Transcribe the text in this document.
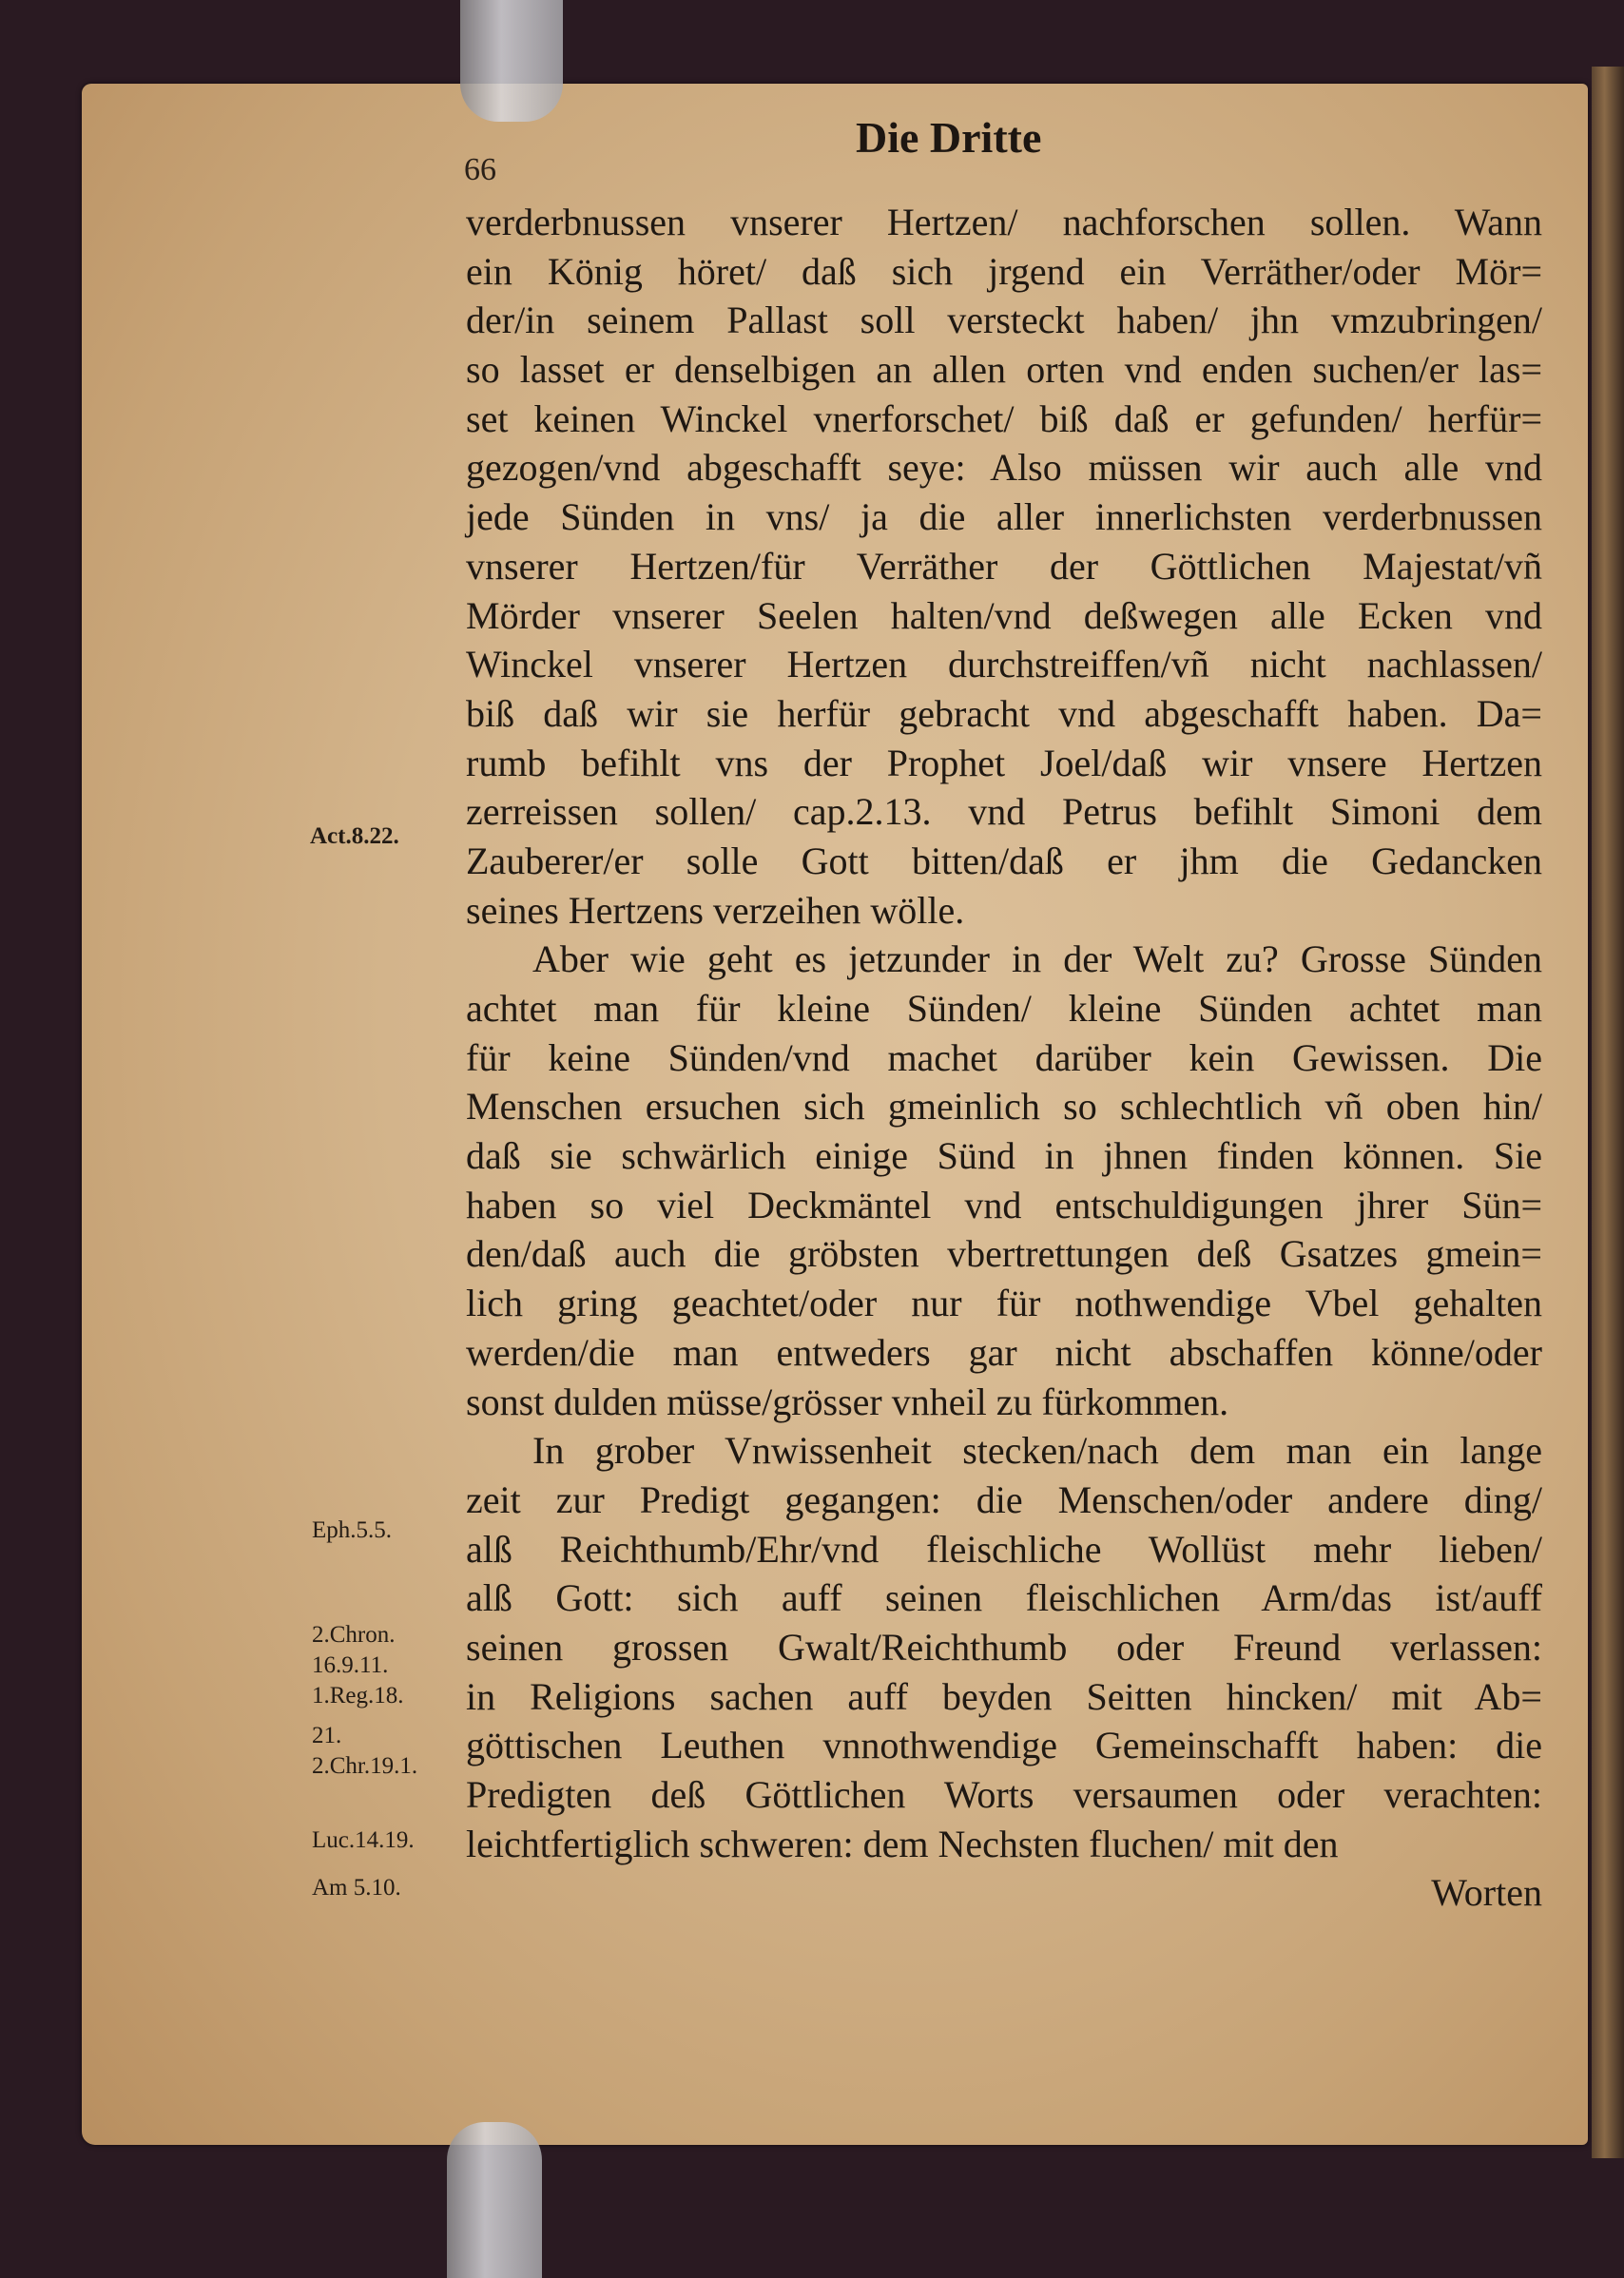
Die Dritte
66
verderbnussen vnserer Hertzen/ nachforschen sollen. Wann
ein König höret/ daß sich jrgend ein Verräther/oder Mör=
der/in seinem Pallast soll versteckt haben/ jhn vmzubringen/
so lasset er denselbigen an allen orten vnd enden suchen/er las=
set keinen Winckel vnerforschet/ biß daß er gefunden/ herfür=
gezogen/vnd abgeschafft seye: Also müssen wir auch alle vnd
jede Sünden in vns/ ja die aller innerlichsten verderbnussen
vnserer Hertzen/für Verräther der Göttlichen Majestat/vñ
Mörder vnserer Seelen halten/vnd deßwegen alle Ecken vnd
Winckel vnserer Hertzen durchstreiffen/vñ nicht nachlassen/
biß daß wir sie herfür gebracht vnd abgeschafft haben. Da=
rumb befihlt vns der Prophet Joel/daß wir vnsere Hertzen
zerreissen sollen/ cap.2.13. vnd Petrus befihlt Simoni dem
Zauberer/er solle Gott bitten/daß er jhm die Gedancken
seines Hertzens verzeihen wölle.
Aber wie geht es jetzunder in der Welt zu? Grosse Sünden
achtet man für kleine Sünden/ kleine Sünden achtet man
für keine Sünden/vnd machet darüber kein Gewissen. Die
Menschen ersuchen sich gmeinlich so schlechtlich vñ oben hin/
daß sie schwärlich einige Sünd in jhnen finden können. Sie
haben so viel Deckmäntel vnd entschuldigungen jhrer Sün=
den/daß auch die gröbsten vbertrettungen deß Gsatzes gmein=
lich gring geachtet/oder nur für nothwendige Vbel gehalten
werden/die man entweders gar nicht abschaffen könne/oder
sonst dulden müsse/grösser vnheil zu fürkommen.
In grober Vnwissenheit stecken/nach dem man ein lange
zeit zur Predigt gegangen: die Menschen/oder andere ding/
alß Reichthumb/Ehr/vnd fleischliche Wollüst mehr lieben/
alß Gott: sich auff seinen fleischlichen Arm/das ist/auff
seinen grossen Gwalt/Reichthumb oder Freund verlassen:
in Religions sachen auff beyden Seitten hincken/ mit Ab=
göttischen Leuthen vnnothwendige Gemeinschafft haben: die
Predigten deß Göttlichen Worts versaumen oder verachten:
leichtfertiglich schweren: dem Nechsten fluchen/ mit den
Worten
Act.8.22.
Eph.5.5.
2.Chron.
16.9.11.
1.Reg.18.
21.
2.Chr.19.1.
Luc.14.19.
Am 5.10.
